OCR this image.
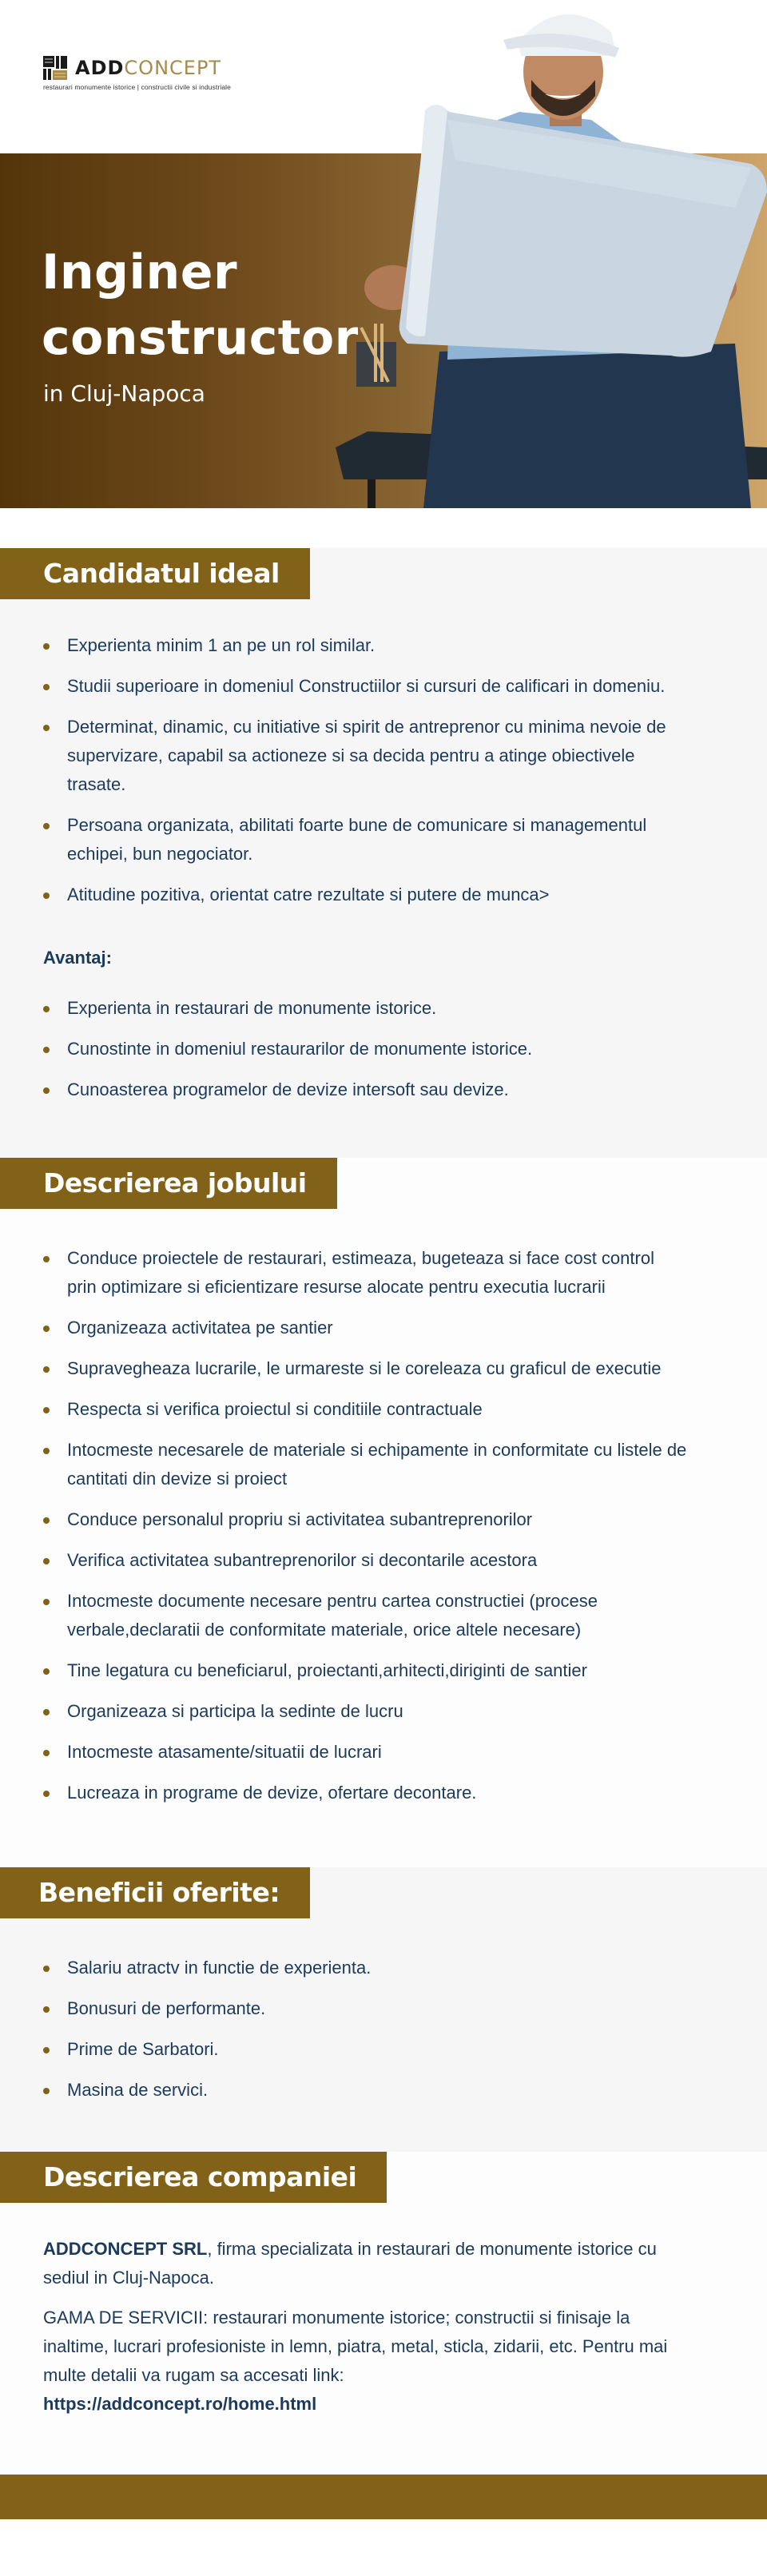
ADDCONCEPT
restaurari monumente istorice | constructii civile si industriale
Inginer
constructor
in Cluj-Napoca
Candidatul ideal
Experienta minim 1 an pe un rol similar.
Studii superioare in domeniul Constructiilor si cursuri de calificari in domeniu.
Determinat, dinamic, cu initiative si spirit de antreprenor cu minima nevoie de supervizare, capabil sa actioneze si sa decida pentru a atinge obiectivele trasate.
Persoana organizata, abilitati foarte bune de comunicare si managementul echipei, bun negociator.
Atitudine pozitiva, orientat catre rezultate si putere de munca>
Avantaj:
Experienta in restaurari de monumente istorice.
Cunostinte in domeniul restaurarilor de monumente istorice.
Cunoasterea programelor de devize intersoft sau devize.
Descrierea jobului
Conduce proiectele de restaurari, estimeaza, bugeteaza si face cost control prin optimizare si eficientizare resurse alocate pentru executia lucrarii
Organizeaza activitatea pe santier
Supravegheaza lucrarile, le urmareste si le coreleaza cu graficul de executie
Respecta si verifica proiectul si conditiile contractuale
Intocmeste necesarele de materiale si echipamente in conformitate cu listele de cantitati din devize si proiect
Conduce personalul propriu si activitatea subantreprenorilor
Verifica activitatea subantreprenorilor si decontarile acestora
Intocmeste documente necesare pentru cartea constructiei (procese verbale,declaratii de conformitate materiale, orice altele necesare)
Tine legatura cu beneficiarul, proiectanti,arhitecti,diriginti de santier
Organizeaza si participa la sedinte de lucru
Intocmeste atasamente/situatii de lucrari
Lucreaza in programe de devize, ofertare decontare.
Beneficii oferite:
Salariu atractv in functie de experienta.
Bonusuri de performante.
Prime de Sarbatori.
Masina de servici.
Descrierea companiei

ADDCONCEPT SRL, firma specializata in restaurari de monumente istorice cu sediul in Cluj-Napoca.

GAMA DE SERVICII: restaurari monumente istorice; constructii si finisaje la inaltime, lucrari profesioniste in lemn, piatra, metal, sticla, zidarii, etc. Pentru mai multe detalii va rugam sa accesati link:
https://addconcept.ro/home.html
